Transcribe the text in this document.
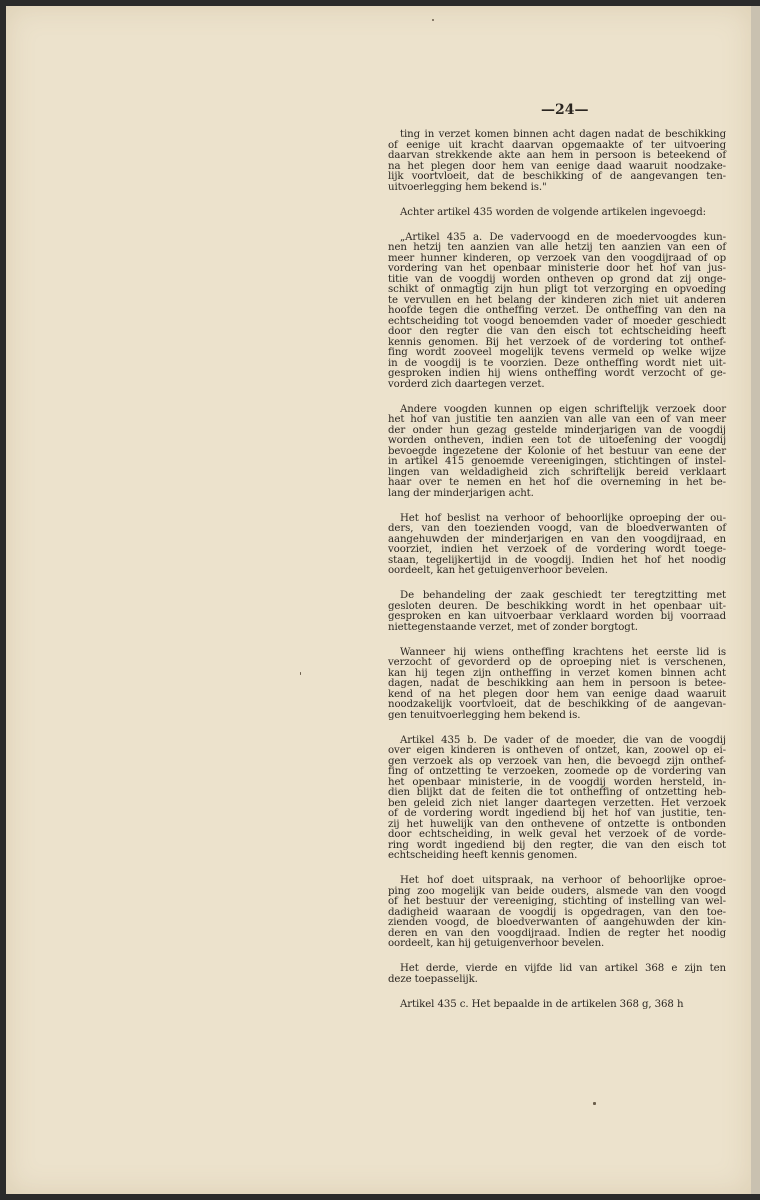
—24—
ting in verzet komen binnen acht dagen nadat de beschikking
of eenige uit kracht daarvan opgemaakte of ter uitvoering
daarvan strekkende akte aan hem in persoon is beteekend of
na het plegen door hem van eenige daad waaruit noodzake-
lijk voortvloeit, dat de beschikking of de aangevangen ten-
uitvoerlegging hem bekend is."
Achter artikel 435 worden de volgende artikelen ingevoegd:
„Artikel 435 a. De vadervoogd en de moedervoogdes kun-
nen hetzij ten aanzien van alle hetzij ten aanzien van een of
meer hunner kinderen, op verzoek van den voogdijraad of op
vordering van het openbaar ministerie door het hof van jus-
titie van de voogdij worden ontheven op grond dat zij onge-
schikt of onmagtig zijn hun pligt tot verzorging en opvoeding
te vervullen en het belang der kinderen zich niet uit anderen
hoofde tegen die ontheffing verzet. De ontheffing van den na
echtscheiding tot voogd benoemden vader of moeder geschiedt
door den regter die van den eisch tot echtscheiding heeft
kennis genomen. Bij het verzoek of de vordering tot onthef-
fing wordt zooveel mogelijk tevens vermeld op welke wijze
in de voogdij is te voorzien. Deze ontheffing wordt niet uit-
gesproken indien hij wiens ontheffing wordt verzocht of ge-
vorderd zich daartegen verzet.
Andere voogden kunnen op eigen schriftelijk verzoek door
het hof van justitie ten aanzien van alle van een of van meer
der onder hun gezag gestelde minderjarigen van de voogdij
worden ontheven, indien een tot de uitoefening der voogdij
bevoegde ingezetene der Kolonie of het bestuur van eene der
in artikel 415 genoemde vereenigingen, stichtingen of instel-
lingen van weldadigheid zich schriftelijk bereid verklaart
haar over te nemen en het hof die overneming in het be-
lang der minderjarigen acht.
Het hof beslist na verhoor of behoorlijke oproeping der ou-
ders, van den toezienden voogd, van de bloedverwanten of
aangehuwden der minderjarigen en van den voogdijraad, en
voorziet, indien het verzoek of de vordering wordt toege-
staan, tegelijkertijd in de voogdij. Indien het hof het noodig
oordeelt, kan het getuigenverhoor bevelen.
De behandeling der zaak geschiedt ter teregtzitting met
gesloten deuren. De beschikking wordt in het openbaar uit-
gesproken en kan uitvoerbaar verklaard worden bij voorraad
niettegenstaande verzet, met of zonder borgtogt.
Wanneer hij wiens ontheffing krachtens het eerste lid is
verzocht of gevorderd op de oproeping niet is verschenen,
kan hij tegen zijn ontheffing in verzet komen binnen acht
dagen, nadat de beschikking aan hem in persoon is betee-
kend of na het plegen door hem van eenige daad waaruit
noodzakelijk voortvloeit, dat de beschikking of de aangevan-
gen tenuitvoerlegging hem bekend is.
Artikel 435 b. De vader of de moeder, die van de voogdij
over eigen kinderen is ontheven of ontzet, kan, zoowel op ei-
gen verzoek als op verzoek van hen, die bevoegd zijn onthef-
fing of ontzetting te verzoeken, zoomede op de vordering van
het openbaar ministerie, in de voogdij worden hersteld, in-
dien blijkt dat de feiten die tot ontheffing of ontzetting heb-
ben geleid zich niet langer daartegen verzetten. Het verzoek
of de vordering wordt ingediend bij het hof van justitie, ten-
zij het huwelijk van den onthevene of ontzette is ontbonden
door echtscheiding, in welk geval het verzoek of de vorde-
ring wordt ingediend bij den regter, die van den eisch tot
echtscheiding heeft kennis genomen.
Het hof doet uitspraak, na verhoor of behoorlijke oproe-
ping zoo mogelijk van beide ouders, alsmede van den voogd
of het bestuur der vereeniging, stichting of instelling van wel-
dadigheid waaraan de voogdij is opgedragen, van den toe-
zienden voogd, de bloedverwanten of aangehuwden der kin-
deren en van den voogdijraad. Indien de regter het noodig
oordeelt, kan hij getuigenverhoor bevelen.
Het derde, vierde en vijfde lid van artikel 368 e zijn ten
deze toepasselijk.
Artikel 435 c. Het bepaalde in de artikelen 368 g, 368 h
